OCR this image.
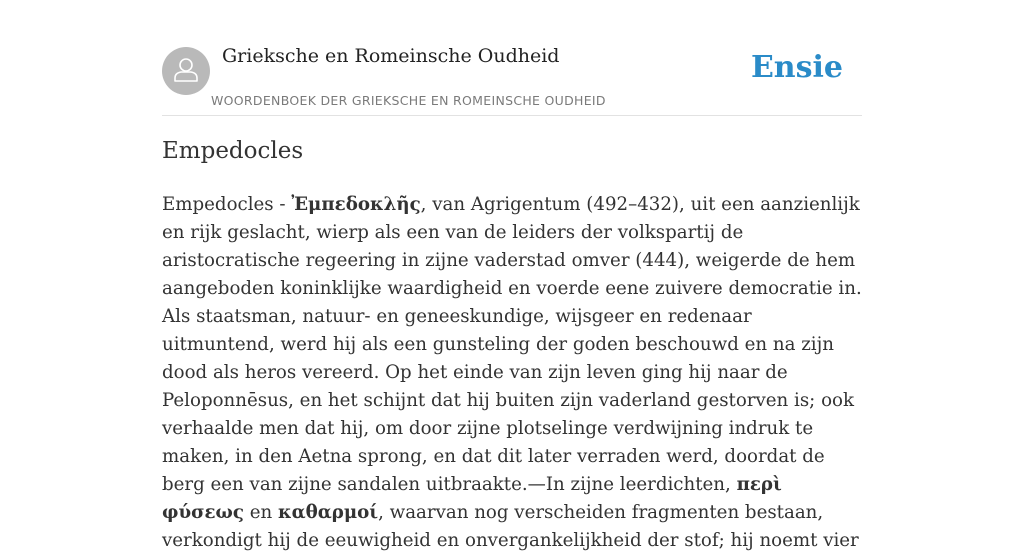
Grieksche en Romeinsche Oudheid
WOORDENBOEK DER GRIEKSCHE EN ROMEINSCHE OUDHEID
Ensie
Empedocles

Empedocles - Ἐμπεδοκλῆς, van Agrigentum (492–432), uit een aanzienlijk en rijk geslacht, wierp als een van de leiders der volkspartij de aristocratische regeering in zijne vaderstad omver (444), weigerde de hem aangeboden koninklijke waardigheid en voerde eene zuivere democratie in. Als staatsman, natuur- en geneeskundige, wijsgeer en redenaar uitmuntend, werd hij als een gunsteling der goden beschouwd en na zijn dood als heros vereerd. Op het einde van zijn leven ging hij naar de Peloponnēsus, en het schijnt dat hij buiten zijn vaderland gestorven is; ook verhaalde men dat hij, om door zijne plotselinge verdwijning indruk te maken, in den Aetna sprong, en dat dit later verraden werd, doordat de berg een van zijne sandalen uitbraakte.—In zijne leerdichten, περὶ φύσεως en καθαρμοί, waarvan nog verscheiden fragmenten bestaan, verkondigt hij de eeuwigheid en onvergankelijkheid der stof; hij noemt vier
